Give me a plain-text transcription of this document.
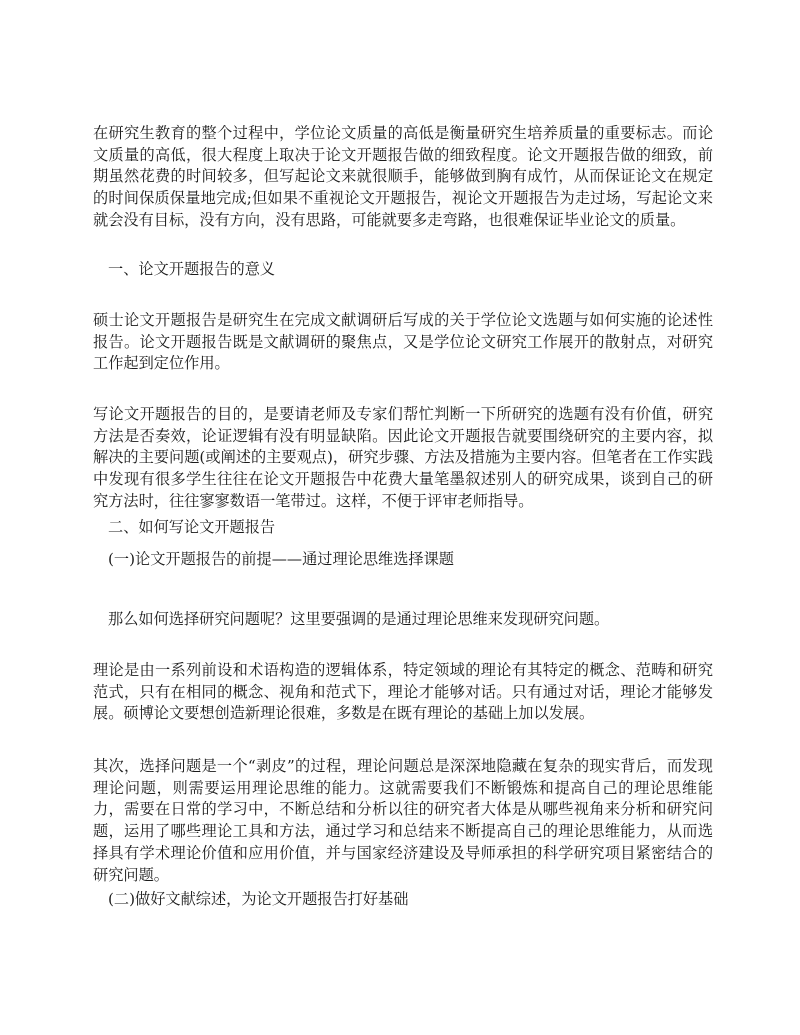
在研究生教育的整个过程中，学位论文质量的高低是衡量研究生培养质量的重要标志。而论文质量的高低，很大程度上取决于论文开题报告做的细致程度。论文开题报告做的细致，前期虽然花费的时间较多，但写起论文来就很顺手，能够做到胸有成竹，从而保证论文在规定的时间保质保量地完成;但如果不重视论文开题报告，视论文开题报告为走过场，写起论文来就会没有目标，没有方向，没有思路，可能就要多走弯路，也很难保证毕业论文的质量。

一、论文开题报告的意义

硕士论文开题报告是研究生在完成文献调研后写成的关于学位论文选题与如何实施的论述性报告。论文开题报告既是文献调研的聚焦点，又是学位论文研究工作展开的散射点，对研究工作起到定位作用。

写论文开题报告的目的，是要请老师及专家们帮忙判断一下所研究的选题有没有价值，研究方法是否奏效，论证逻辑有没有明显缺陷。因此论文开题报告就要围绕研究的主要内容，拟解决的主要问题(或阐述的主要观点)，研究步骤、方法及措施为主要内容。但笔者在工作实践中发现有很多学生往往在论文开题报告中花费大量笔墨叙述别人的研究成果，谈到自己的研究方法时，往往寥寥数语一笔带过。这样，不便于评审老师指导。

二、如何写论文开题报告

(一)论文开题报告的前提——通过理论思维选择课题

那么如何选择研究问题呢？这里要强调的是通过理论思维来发现研究问题。

理论是由一系列前设和术语构造的逻辑体系，特定领域的理论有其特定的概念、范畴和研究范式，只有在相同的概念、视角和范式下，理论才能够对话。只有通过对话，理论才能够发展。硕博论文要想创造新理论很难，多数是在既有理论的基础上加以发展。

其次，选择问题是一个“剥皮”的过程，理论问题总是深深地隐藏在复杂的现实背后，而发现理论问题，则需要运用理论思维的能力。这就需要我们不断锻炼和提高自己的理论思维能力，需要在日常的学习中，不断总结和分析以往的研究者大体是从哪些视角来分析和研究问题，运用了哪些理论工具和方法，通过学习和总结来不断提高自己的理论思维能力，从而选择具有学术理论价值和应用价值，并与国家经济建设及导师承担的科学研究项目紧密结合的研究问题。

(二)做好文献综述，为论文开题报告打好基础
